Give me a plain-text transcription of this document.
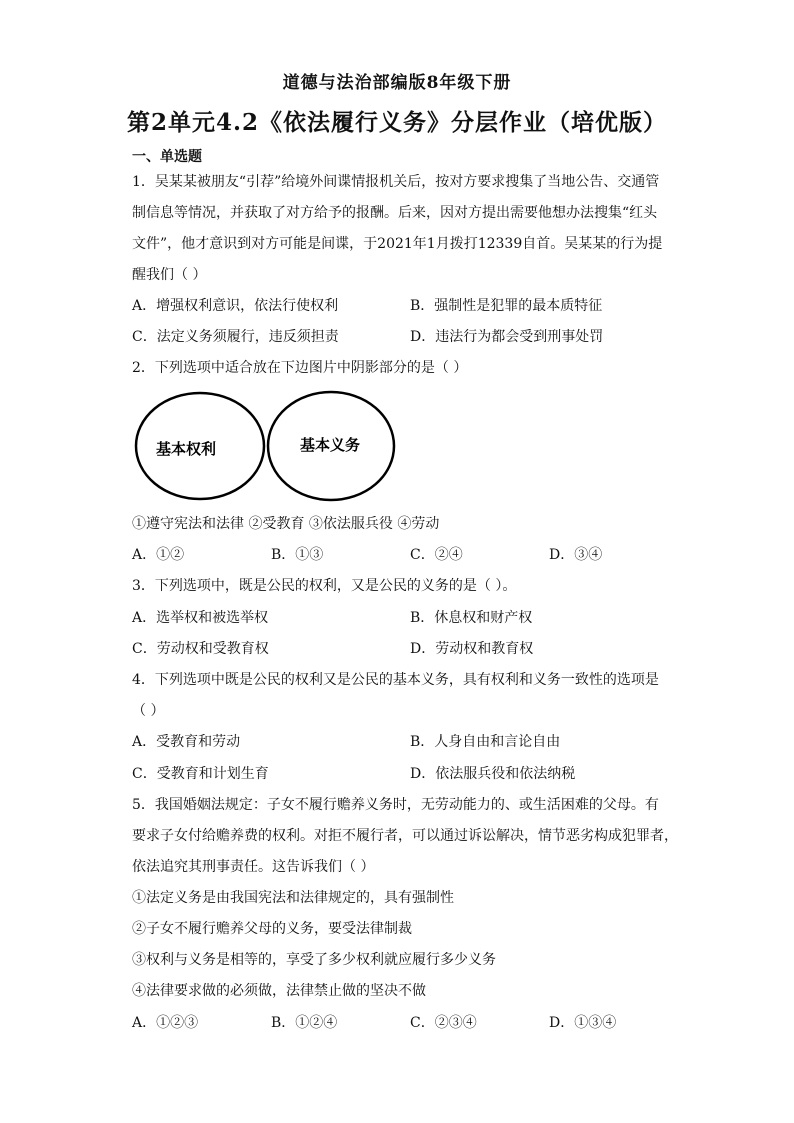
道德与法治部编版8年级下册
第2单元4.2《依法履行义务》分层作业（培优版）
一、单选题
1．吴某某被朋友“引荐”给境外间谍情报机关后，按对方要求搜集了当地公告、交通管
制信息等情况，并获取了对方给予的报酬。后来，因对方提出需要他想办法搜集“红头
文件”，他才意识到对方可能是间谍，于2021年1月拨打12339自首。吴某某的行为提
醒我们（ ）
A．增强权利意识，依法行使权利	B．强制性是犯罪的最本质特征
C．法定义务须履行，违反须担责	D．违法行为都会受到刑事处罚
2．下列选项中适合放在下边图片中阴影部分的是（ ）
基本权利	基本义务
①遵守宪法和法律 ②受教育 ③依法服兵役 ④劳动
A．①②	B．①③	C．②④	D．③④
3．下列选项中，既是公民的权利，又是公民的义务的是（ ）。
A．选举权和被选举权	B．休息权和财产权
C．劳动权和受教育权	D．劳动权和教育权
4．下列选项中既是公民的权利又是公民的基本义务，具有权利和义务一致性的选项是
（ ）
A．受教育和劳动	B．人身自由和言论自由
C．受教育和计划生育	D．依法服兵役和依法纳税
5．我国婚姻法规定：子女不履行赡养义务时，无劳动能力的、或生活困难的父母。有
要求子女付给赡养费的权利。对拒不履行者，可以通过诉讼解决，情节恶劣构成犯罪者，
依法追究其刑事责任。这告诉我们（ ）
①法定义务是由我国宪法和法律规定的，具有强制性
②子女不履行赡养父母的义务，要受法律制裁
③权利与义务是相等的，享受了多少权利就应履行多少义务
④法律要求做的必须做，法律禁止做的坚决不做
A．①②③	B．①②④	C．②③④	D．①③④
